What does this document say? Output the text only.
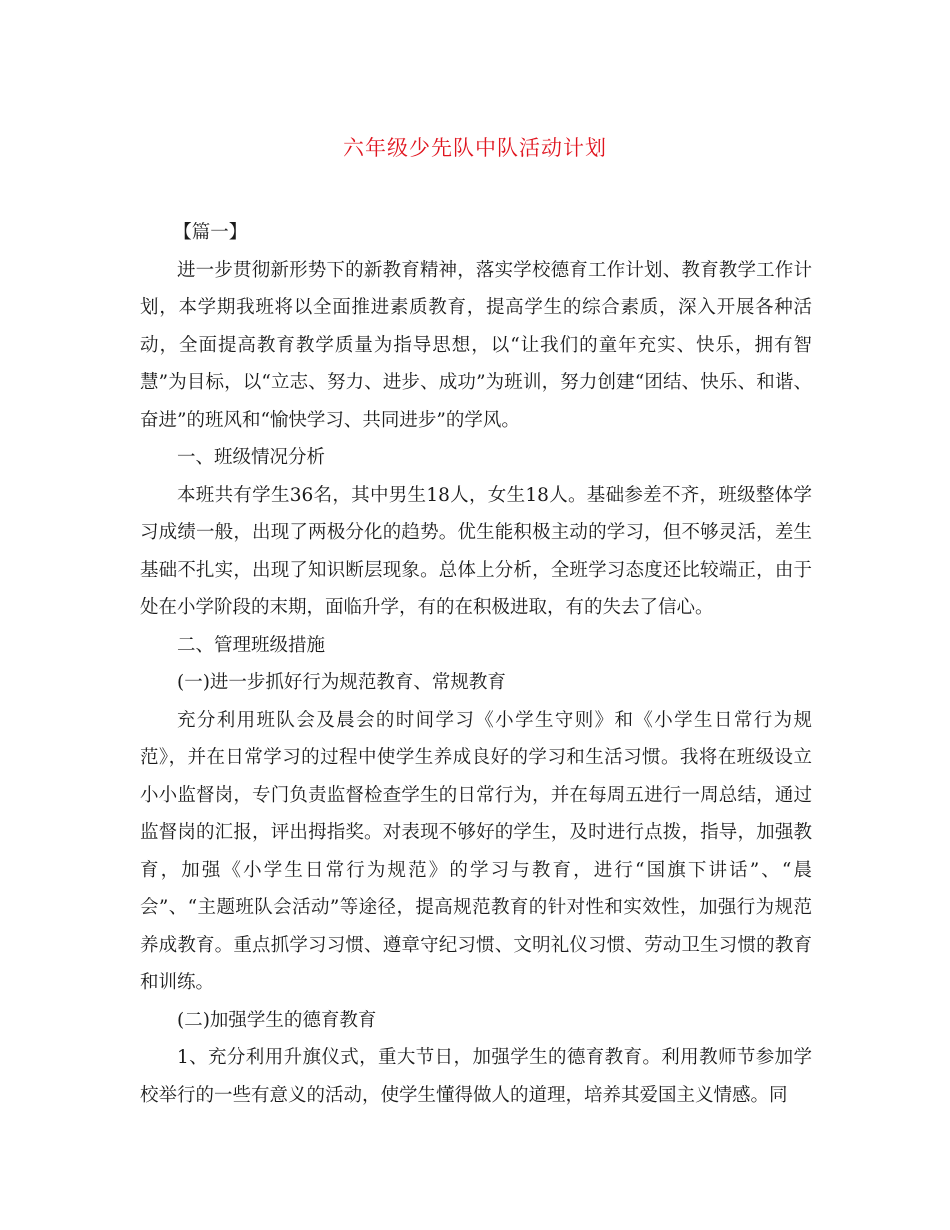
六年级少先队中队活动计划

【篇一】

进一步贯彻新形势下的新教育精神，落实学校德育工作计划、教育教学工作计划，本学期我班将以全面推进素质教育，提高学生的综合素质，深入开展各种活动，全面提高教育教学质量为指导思想，以“让我们的童年充实、快乐，拥有智慧”为目标，以“立志、努力、进步、成功”为班训，努力创建“团结、快乐、和谐、奋进”的班风和“愉快学习、共同进步”的学风。

一、班级情况分析

本班共有学生36名，其中男生18人，女生18人。基础参差不齐，班级整体学习成绩一般，出现了两极分化的趋势。优生能积极主动的学习，但不够灵活，差生基础不扎实，出现了知识断层现象。总体上分析，全班学习态度还比较端正，由于处在小学阶段的末期，面临升学，有的在积极进取，有的失去了信心。

二、管理班级措施

(一)进一步抓好行为规范教育、常规教育

充分利用班队会及晨会的时间学习《小学生守则》和《小学生日常行为规范》，并在日常学习的过程中使学生养成良好的学习和生活习惯。我将在班级设立小小监督岗，专门负责监督检查学生的日常行为，并在每周五进行一周总结，通过监督岗的汇报，评出拇指奖。对表现不够好的学生，及时进行点拨，指导，加强教育，加强《小学生日常行为规范》的学习与教育，进行“国旗下讲话”、“晨会”、“主题班队会活动”等途径，提高规范教育的针对性和实效性，加强行为规范养成教育。重点抓学习习惯、遵章守纪习惯、文明礼仪习惯、劳动卫生习惯的教育和训练。

(二)加强学生的德育教育

1、充分利用升旗仪式，重大节日，加强学生的德育教育。利用教师节参加学校举行的一些有意义的活动，使学生懂得做人的道理，培养其爱国主义情感。同
